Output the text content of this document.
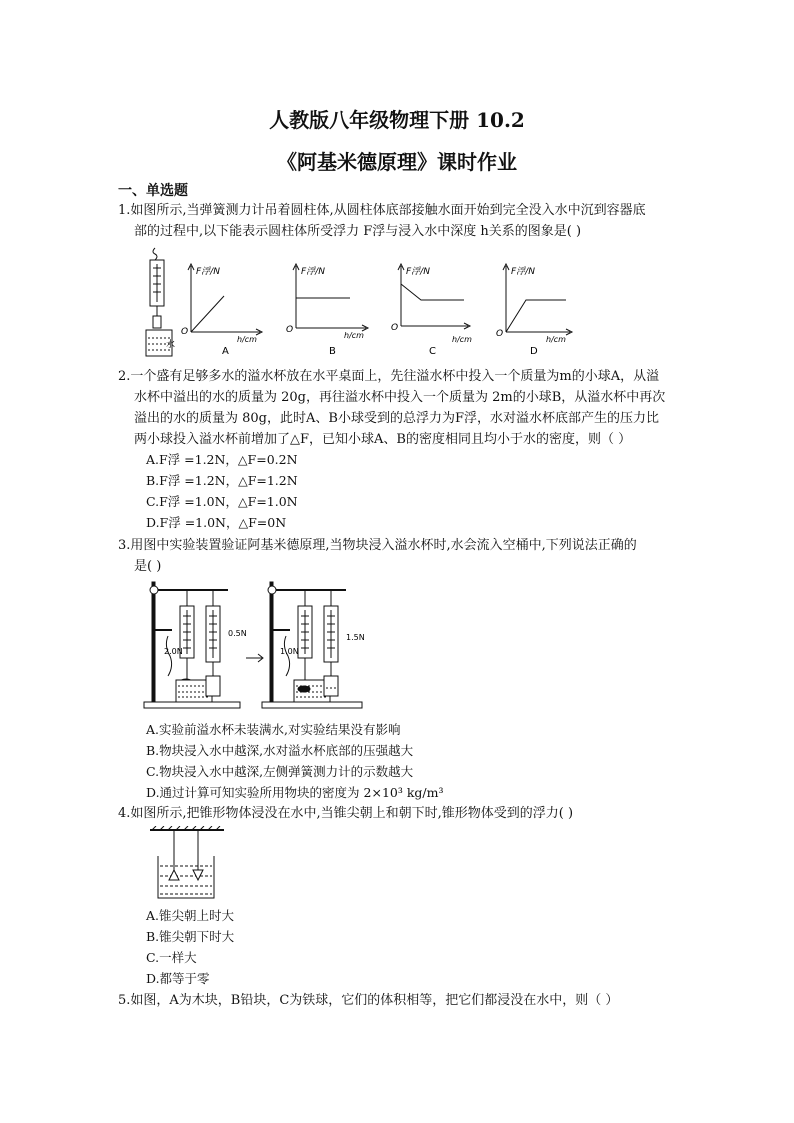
人教版八年级物理下册 10.2
《阿基米德原理》课时作业
一、单选题
1.如图所示,当弹簧测力计吊着圆柱体,从圆柱体底部接触水面开始到完全没入水中沉到容器底
部的过程中,以下能表示圆柱体所受浮力 F浮与浸入水中深度 h关系的图象是( )
水
F浮/N
h/cm
O
A
F浮/N
h/cm
O
B
F浮/N
h/cm
O
C
F浮/N
h/cm
O
D
2.一个盛有足够多水的溢水杯放在水平桌面上，先往溢水杯中投入一个质量为m的小球A，从溢
水杯中溢出的水的质量为 20g，再往溢水杯中投入一个质量为 2m的小球B，从溢水杯中再次
溢出的水的质量为 80g，此时A、B小球受到的总浮力为F浮，水对溢水杯底部产生的压力比
两小球投入溢水杯前增加了△F，已知小球A、B的密度相同且均小于水的密度，则（ ）
A.F浮 =1.2N，△F=0.2N
B.F浮 =1.2N，△F=1.2N
C.F浮 =1.0N，△F=1.0N
D.F浮 =1.0N，△F=0N
3.用图中实验装置验证阿基米德原理,当物块浸入溢水杯时,水会流入空桶中,下列说法正确的
是( )
0.5N
2.0N	1.0N
1.5N
A.实验前溢水杯未装满水,对实验结果没有影响
B.物块浸入水中越深,水对溢水杯底部的压强越大
C.物块浸入水中越深,左侧弹簧测力计的示数越大
D.通过计算可知实验所用物块的密度为 2×10³ kg/m³
4.如图所示,把锥形物体浸没在水中,当锥尖朝上和朝下时,锥形物体受到的浮力( )
A.锥尖朝上时大
B.锥尖朝下时大
C.一样大
D.都等于零
5.如图，A为木块，B铅块，C为铁球，它们的体积相等，把它们都浸没在水中，则（ ）
